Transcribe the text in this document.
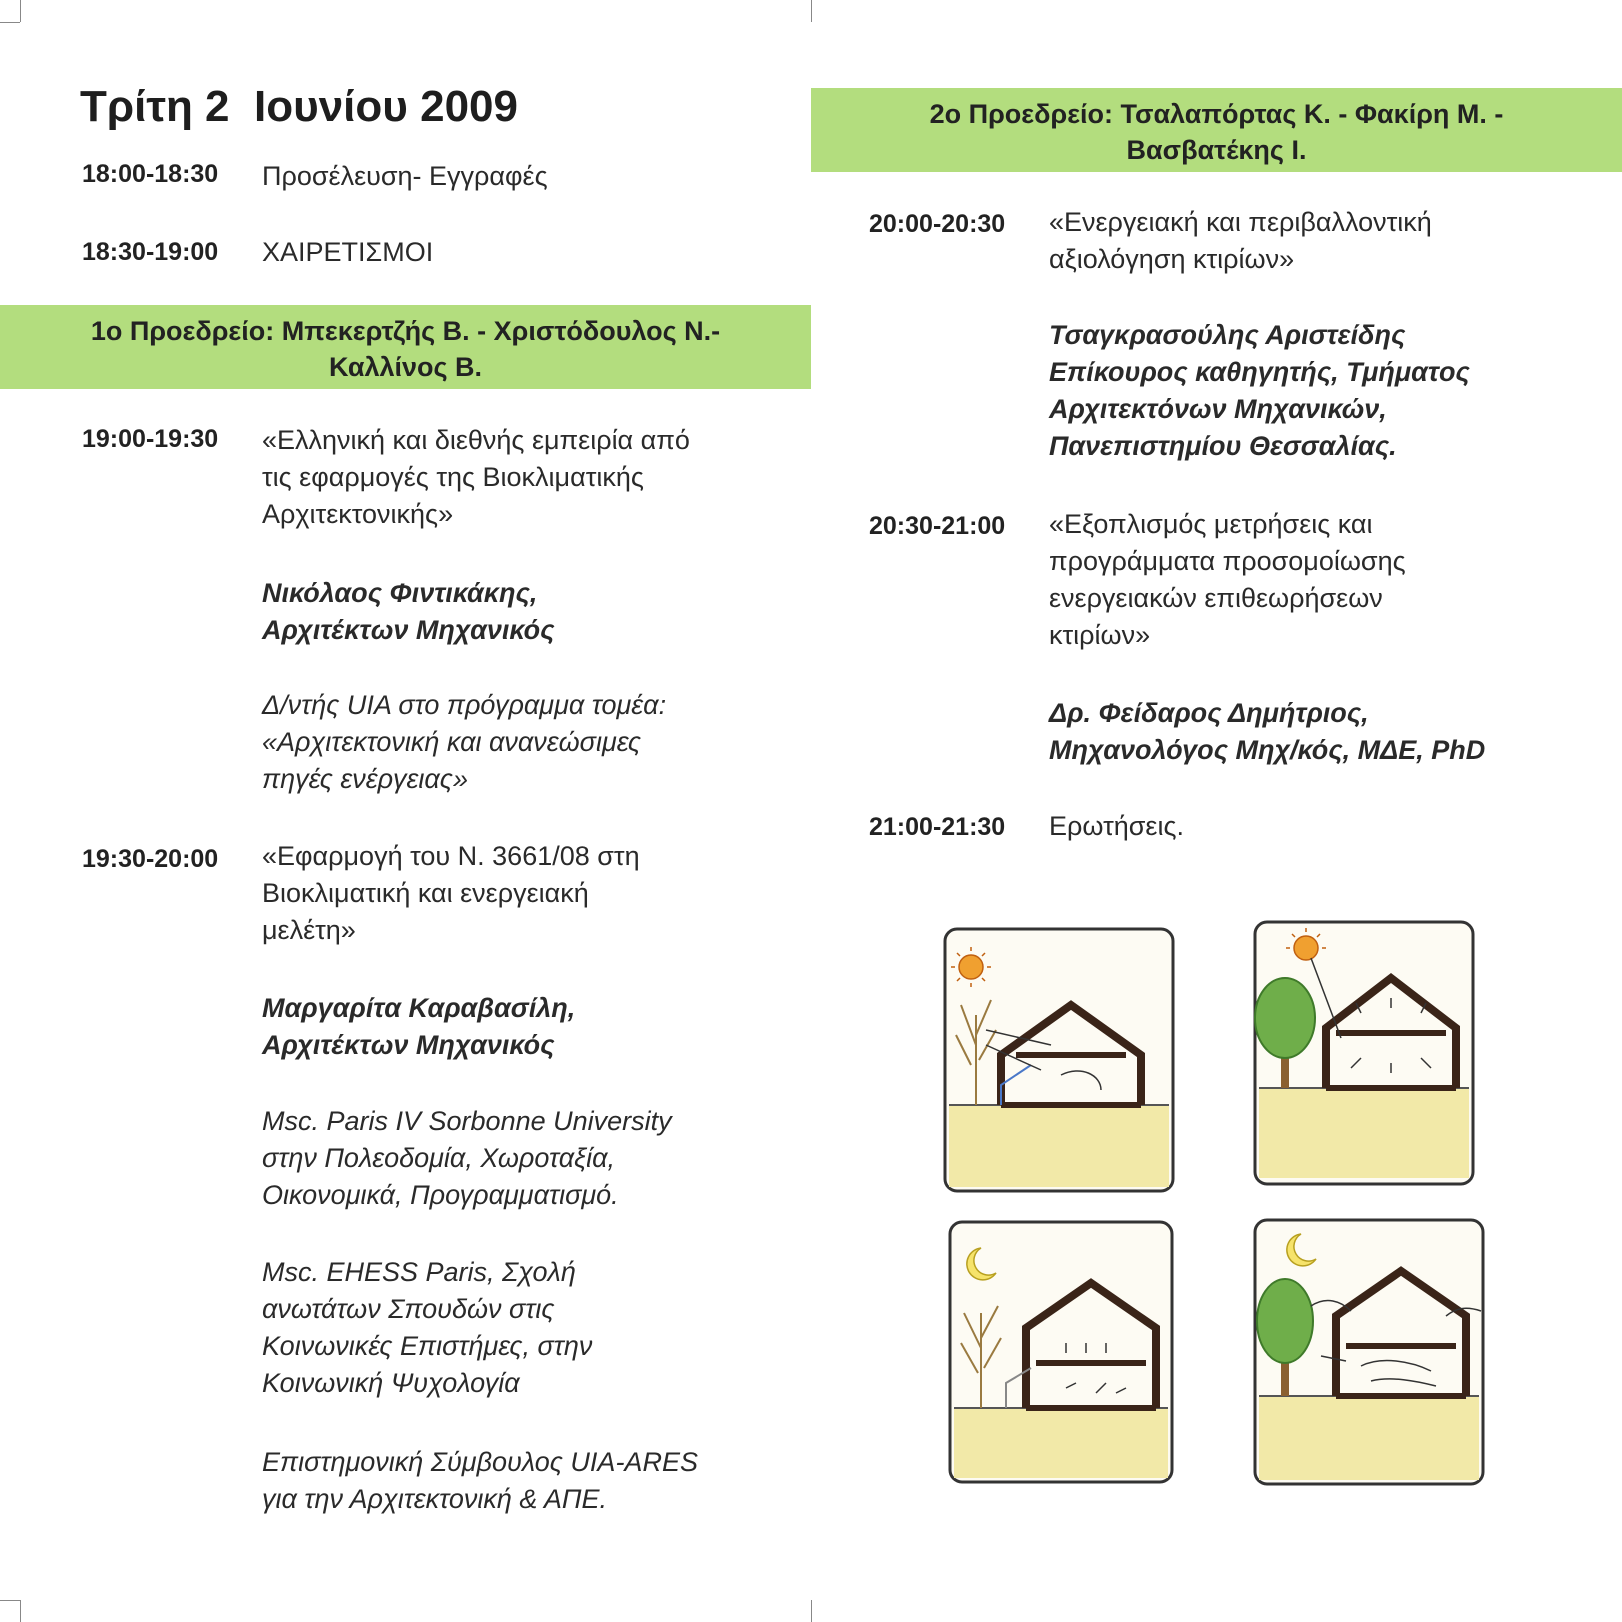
Τρίτη 2  Ιουνίου 2009
18:00-18:30 Προσέλευση- Εγγραφές
18:30-19:00 ΧΑΙΡΕΤΙΣΜΟΙ
1ο Προεδρείο: Μπεκερτζής Β. - Χριστόδουλος Ν.-
Καλλίνος Β.
19:00-19:30 «Ελληνική και διεθνής εμπειρία από
τις εφαρμογές της Βιοκλιματικής
Αρχιτεκτονικής»
Νικόλαος Φιντικάκης,
Αρχιτέκτων Μηχανικός
Δ/ντής UIA στο πρόγραμμα τομέα:
«Αρχιτεκτονική και ανανεώσιμες
πηγές ενέργειας»
19:30-20:00 «Εφαρμογή του Ν. 3661/08 στη
Βιοκλιματική και ενεργειακή
μελέτη»
Μαργαρίτα Καραβασίλη,
Αρχιτέκτων Μηχανικός
Msc. Paris IV Sorbonne University
στην Πολεοδομία, Χωροταξία,
Οικονομικά, Προγραμματισμό.
Msc. EHESS Paris, Σχολή
ανωτάτων Σπουδών στις
Κοινωνικές Επιστήμες, στην
Κοινωνική Ψυχολογία
Επιστημονική Σύμβουλος UIA-ARES
για την Αρχιτεκτονική & ΑΠΕ.
2ο Προεδρείο: Τσαλαπόρτας Κ. - Φακίρη Μ. -
Βασβατέκης Ι.
20:00-20:30 «Ενεργειακή και περιβαλλοντική
αξιολόγηση κτιρίων»
Τσαγκρασούλης Αριστείδης
Επίκουρος καθηγητής, Τμήματος
Αρχιτεκτόνων Μηχανικών,
Πανεπιστημίου Θεσσαλίας.
20:30-21:00 «Εξοπλισμός μετρήσεις και
προγράμματα προσομοίωσης
ενεργειακών επιθεωρήσεων
κτιρίων»
Δρ. Φείδαρος Δημήτριος,
Μηχανολόγος Μηχ/κός, ΜΔΕ, PhD
21:00-21:30 Ερωτήσεις.
